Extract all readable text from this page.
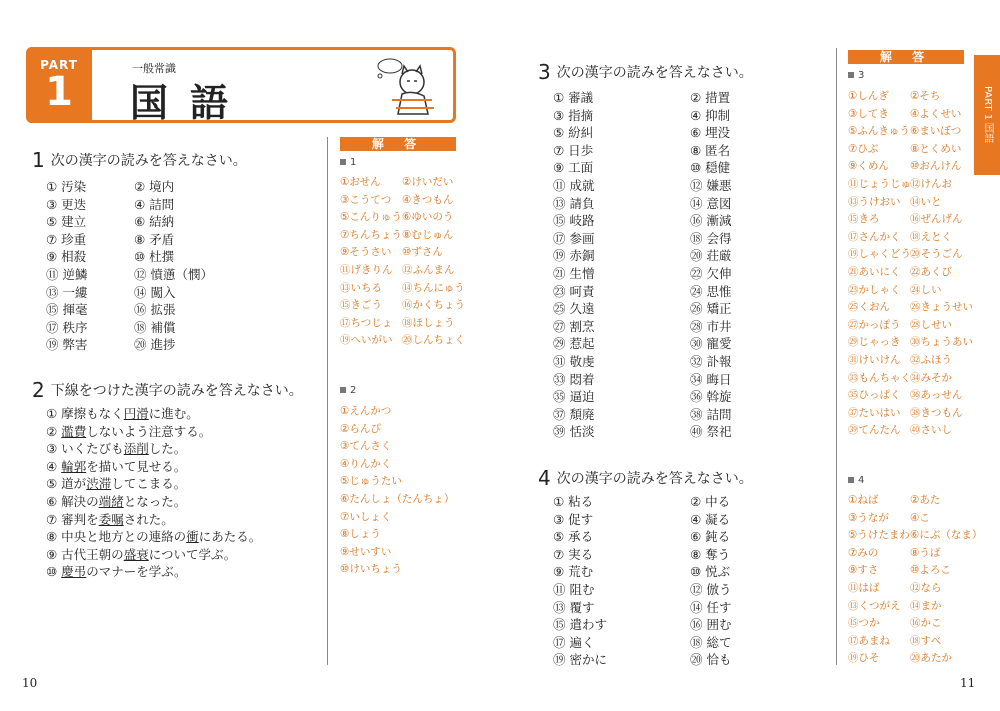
PART
1
一般常識
国語
1 次の漢字の読みを答えなさい。
① 汚染	② 境内
③ 更迭	④ 詰問
⑤ 建立	⑥ 結納
⑦ 珍重	⑧ 矛盾
⑨ 相殺	⑩ 杜撰
⑪ 逆鱗	⑫ 憤懣（憫）
⑬ 一縷	⑭ 闖入
⑮ 揮毫	⑯ 拡張
⑰ 秩序	⑱ 補償
⑲ 弊害	⑳ 進捗
2 下線をつけた漢字の読みを答えなさい。
① 摩擦もなく円滑に進む。
② 濫費しないよう注意する。
③ いくたびも添削した。
④ 輪郭を描いて見せる。
⑤ 道が渋滞してこまる。
⑥ 解決の端緒となった。
⑦ 審判を委嘱された。
⑧ 中央と地方との連絡の衝にあたる。
⑨ 古代王朝の盛衰について学ぶ。
⑩ 慶弔のマナーを学ぶ。
3 次の漢字の読みを答えなさい。
① 審議	② 措置
③ 指摘	④ 抑制
⑤ 紛糾	⑥ 埋没
⑦ 日歩	⑧ 匿名
⑨ 工面	⑩ 穏健
⑪ 成就	⑫ 嫌悪
⑬ 請負	⑭ 意図
⑮ 岐路	⑯ 漸減
⑰ 参画	⑱ 会得
⑲ 赤銅	⑳ 荘厳
㉑ 生憎	㉒ 欠伸
㉓ 呵責	㉔ 思惟
㉕ 久遠	㉖ 矯正
㉗ 割烹	㉘ 市井
㉙ 惹起	㉚ 寵愛
㉛ 敬虔	㉜ 訃報
㉝ 悶着	㉞ 晦日
㉟ 逼迫	㊱ 斡旋
㊲ 頽廃	㊳ 詰問
㊴ 恬淡	㊵ 祭祀
4 次の漢字の読みを答えなさい。
① 粘る	② 中る
③ 促す	④ 凝る
⑤ 承る	⑥ 鈍る
⑦ 実る	⑧ 奪う
⑨ 荒む	⑩ 悦ぶ
⑪ 阻む	⑫ 倣う
⑬ 覆す	⑭ 任す
⑮ 遣わす	⑯ 囲む
⑰ 遍く	⑱ 総て
⑲ 密かに	⑳ 恰も
解 答
解 答
1
①おせん ②けいだい
③こうてつ ④きつもん
⑤こんりゅう ⑥ゆいのう
⑦ちんちょう ⑧むじゅん
⑨そうさい ⑩ずさん
⑪げきりん ⑫ふんまん
⑬いちる ⑭ちんにゅう
⑮きごう ⑯かくちょう
⑰ちつじょ ⑱ほしょう
⑲へいがい ⑳しんちょく
2
①えんかつ
②らんぴ
③てんさく
④りんかく
⑤じゅうたい
⑥たんしょ（たんちょ）
⑦いしょく
⑧しょう
⑨せいすい
⑩けいちょう
3
①しんぎ ②そち
③してき ④よくせい
⑤ふんきゅう ⑥まいぼつ
⑦ひぶ	⑧とくめい
⑨くめん ⑩おんけん
⑪じょうじゅ ⑫けんお
⑬うけおい ⑭いと
⑮きろ	⑯ぜんげん
⑰さんかく ⑱えとく
⑲しゃくどう ⑳そうごん
㉑あいにく ㉒あくび
㉓かしゃく ㉔しい
㉕くおん ㉖きょうせい
㉗かっぽう ㉘しせい
㉙じゃっき ㉚ちょうあい
㉛けいけん ㉜ふほう
㉝もんちゃく ㉞みそか
㉟ひっぱく ㊱あっせん
㊲たいはい ㊳きつもん
㊴てんたん ㊵さいし
4
①ねば	②あた
③うなが ④こ
⑤うけたまわ ⑥にぶ（なま）
⑦みの	⑧うば
⑨すさ	⑩よろこ
⑪はば	⑫なら
⑬くつがえ ⑭まか
⑮つか	⑯かこ
⑰あまね ⑱すべ
⑲ひそ	⑳あたか
PART 1 国語
10	11
